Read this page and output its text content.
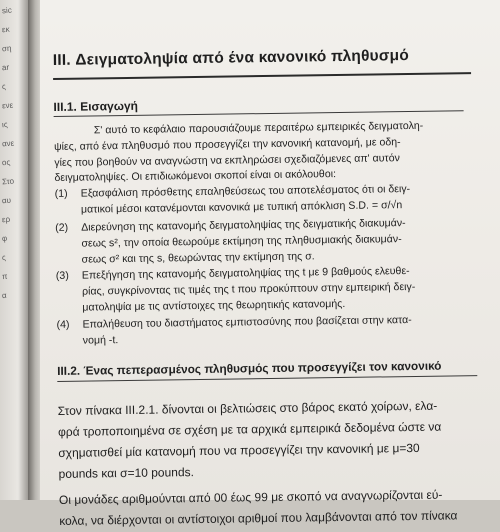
sic
εκ
ση
ar
ς
ενε
ις
ανε
ος
Στο
αυ
ερ
φ
ς
π
α
III. Δειγματοληψία από ένα κανονικό πληθυσμό
III.1. Εισαγωγή
Σ' αυτό το κεφάλαιο παρουσιάζουμε περαιτέρω εμπειρικές δειγματολη-
ψίες, από ένα πληθυσμό που προσεγγίζει την κανονική κατανομή, με οδη-
γίες που βοηθούν να αναγνώστη να εκπληρώσει σχεδιαζόμενες απ' αυτόν
δειγματοληψίες. Οι επιδιωκόμενοι σκοποί είναι οι ακόλουθοι:
(1) Εξασφάλιση πρόσθετης επαληθεύσεως του αποτελέσματος ότι οι δειγ-
ματικοί μέσοι κατανέμονται κανονικά με τυπική απόκλιση S.D. = σ/√n
(2) Διερεύνηση της κατανομής δειγματοληψίας της δειγματικής διακυμάν-
σεως s², την οποία θεωρούμε εκτίμηση της πληθυσμιακής διακυμάν-
σεως σ² και της s, θεωρώντας την εκτίμηση της σ.
(3) Επεξήγηση της κατανομής δειγματοληψίας της t με 9 βαθμούς ελευθε-
ρίας, συγκρίνοντας τις τιμές της t που προκύπτουν στην εμπειρική δειγ-
ματοληψία με τις αντίστοιχες της θεωρητικής κατανομής.
(4) Επαλήθευση του διαστήματος εμπιστοσύνης που βασίζεται στην κατα-
νομή -t.
III.2. Ένας πεπερασμένος πληθυσμός που προσεγγίζει τον κανονικό
Στον πίνακα III.2.1. δίνονται οι βελτιώσεις στο βάρος εκατό χοίρων, ελα-
φρά τροποποιημένα σε σχέση με τα αρχικά εμπειρικά δεδομένα ώστε να
σχηματισθεί μία κατανομή που να προσεγγίζει την κανονική με μ=30
pounds και σ=10 pounds.
Οι μονάδες αριθμούνται από 00 έως 99 με σκοπό να αναγνωρίζονται εύ-
κολα, να διέρχονται οι αντίστοιχοι αριθμοί που λαμβάνονται από τον πίνακα
